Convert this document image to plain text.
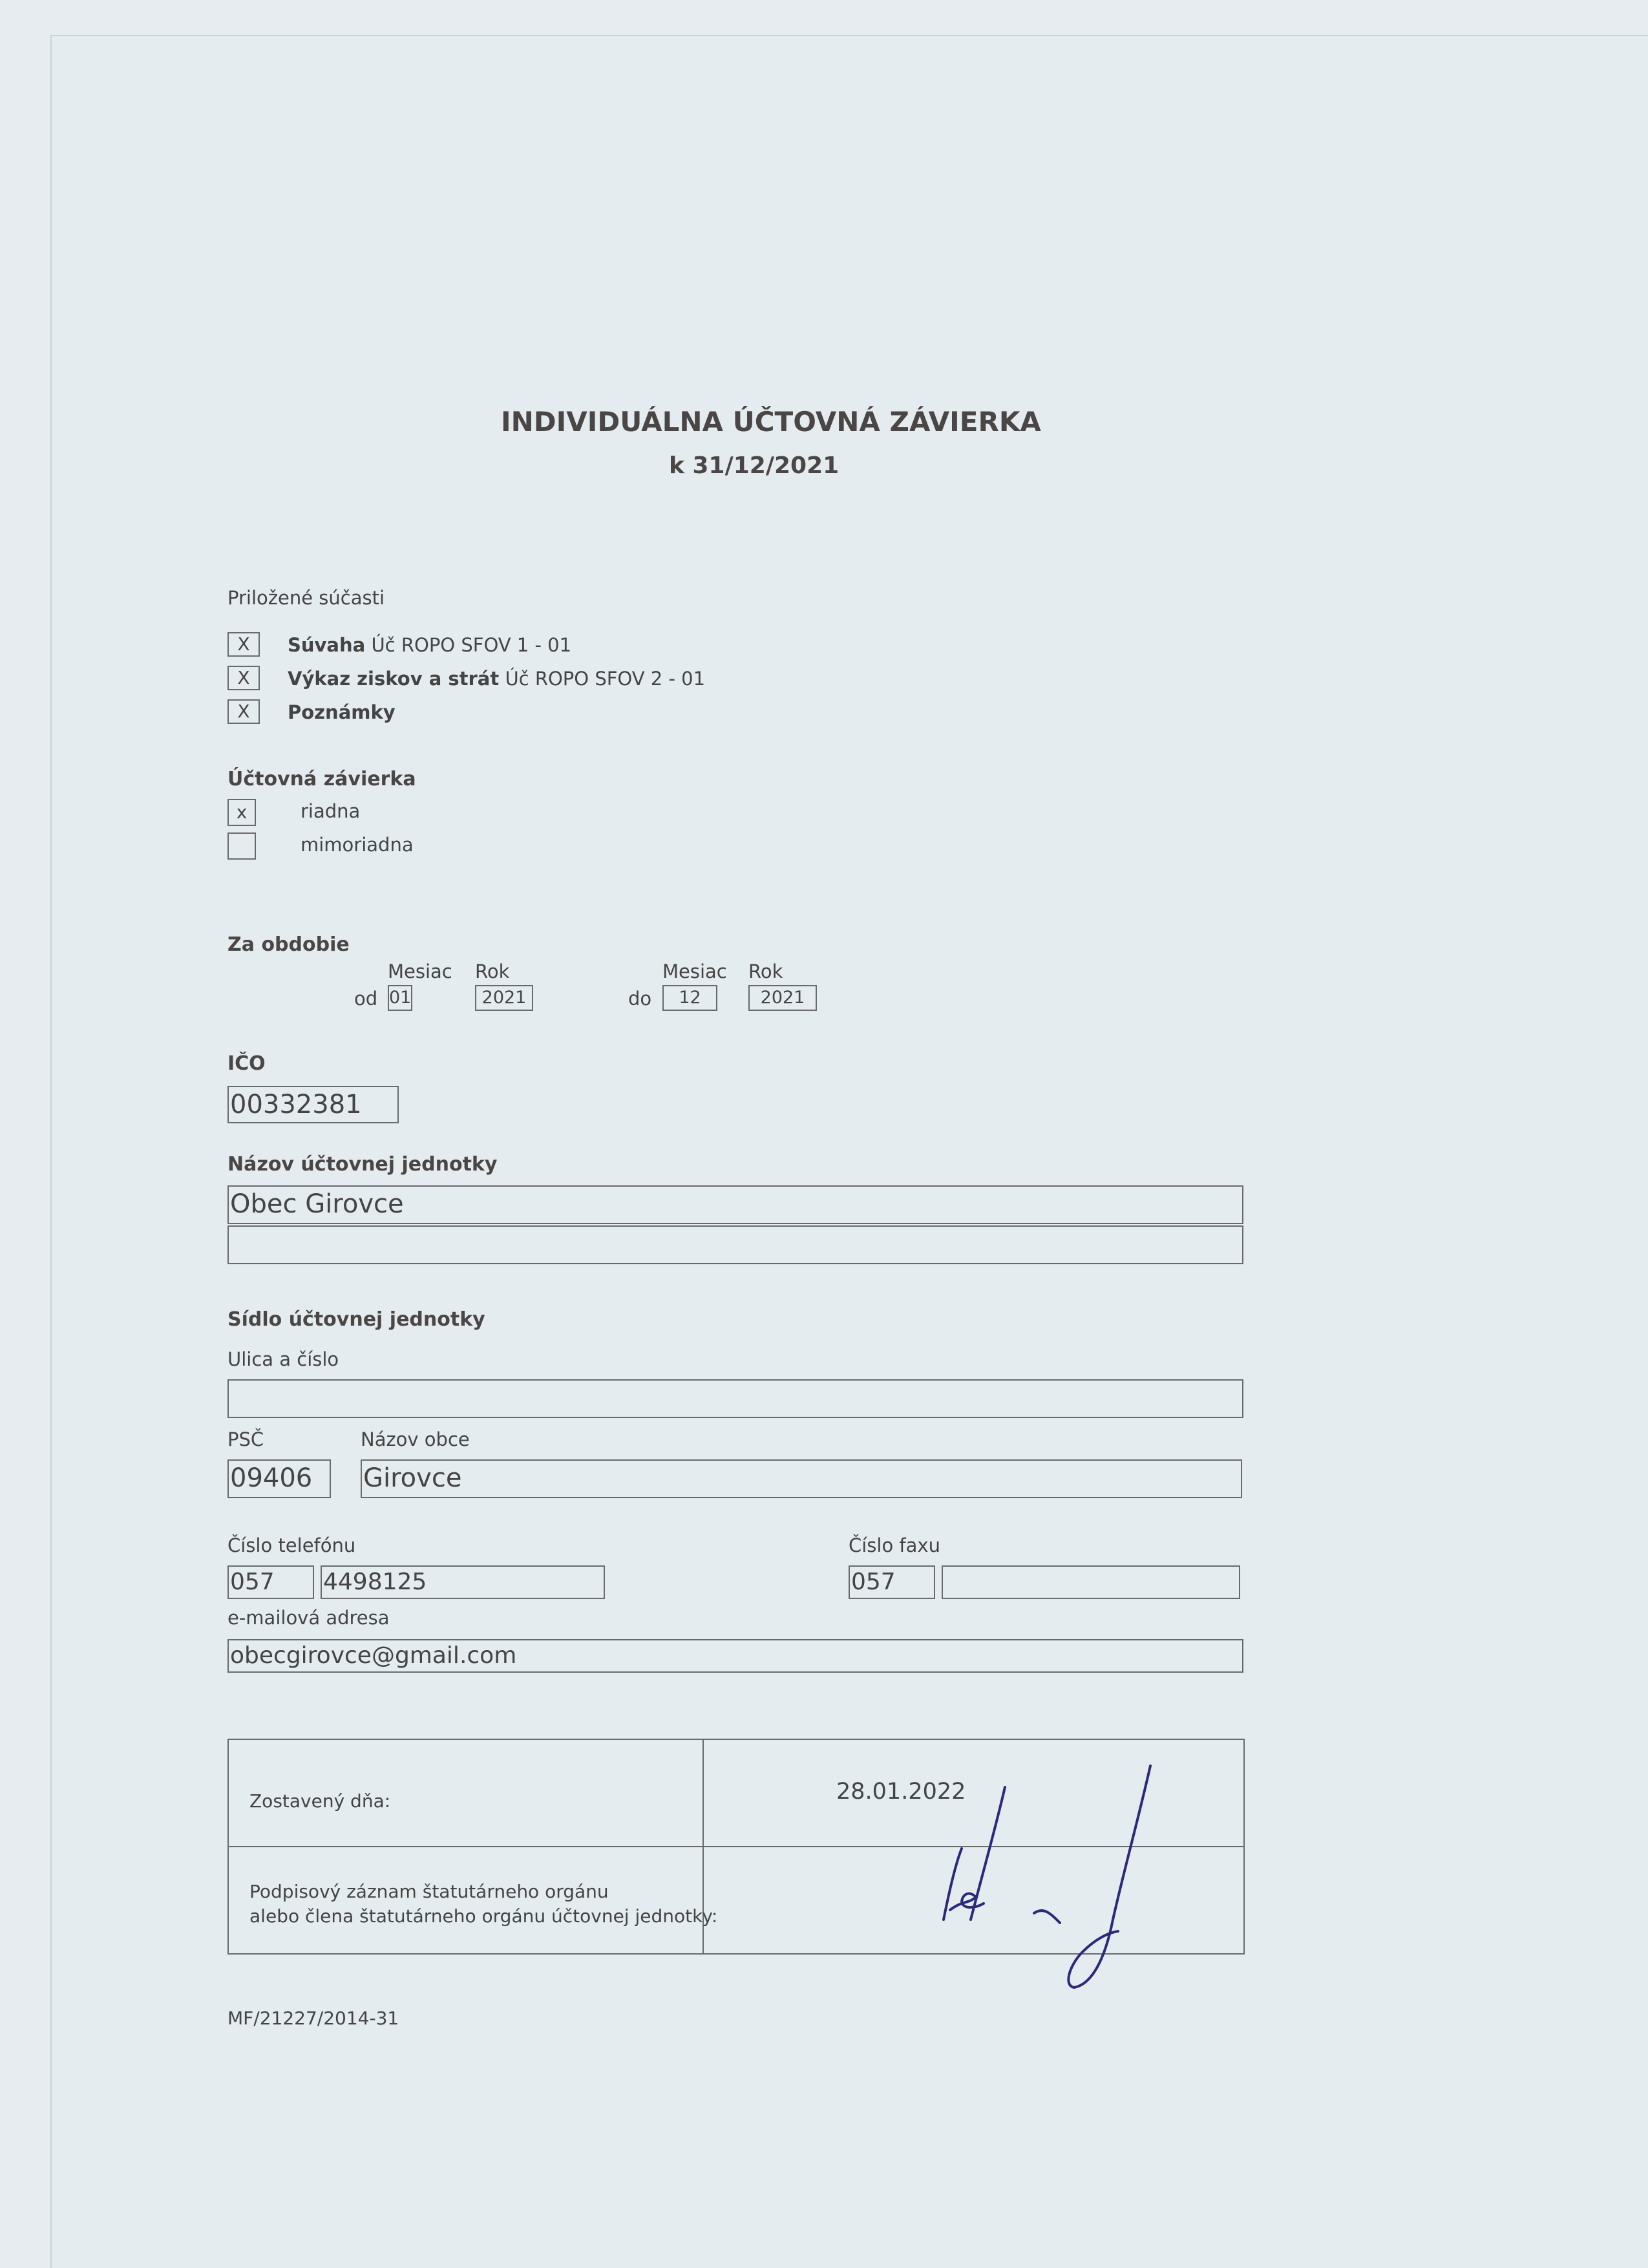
INDIVIDUÁLNA ÚČTOVNÁ ZÁVIERKA
k 31/12/2021
Priložené súčasti
X	Súvaha Úč ROPO SFOV 1 - 01
X	Výkaz ziskov a strát Úč ROPO SFOV 2 - 01
X	Poznámky
Účtovná závierka
x	riadna
mimoriadna
Za obdobie
Mesiac Rok	Mesiac Rok
od 01	2021	do	12	2021
IČO
00332381
Názov účtovnej jednotky
Obec Girovce
Sídlo účtovnej jednotky
Ulica a číslo
PSČ	Názov obce
09406 Girovce
Číslo telefónu	Číslo faxu
057 4498125	057
e-mailová adresa
obecgirovce@gmail.com
Zostavený dňa:	28.01.2022
Podpisový záznam štatutárneho orgánu
alebo člena štatutárneho orgánu účtovnej jednotky:
MF/21227/2014-31
